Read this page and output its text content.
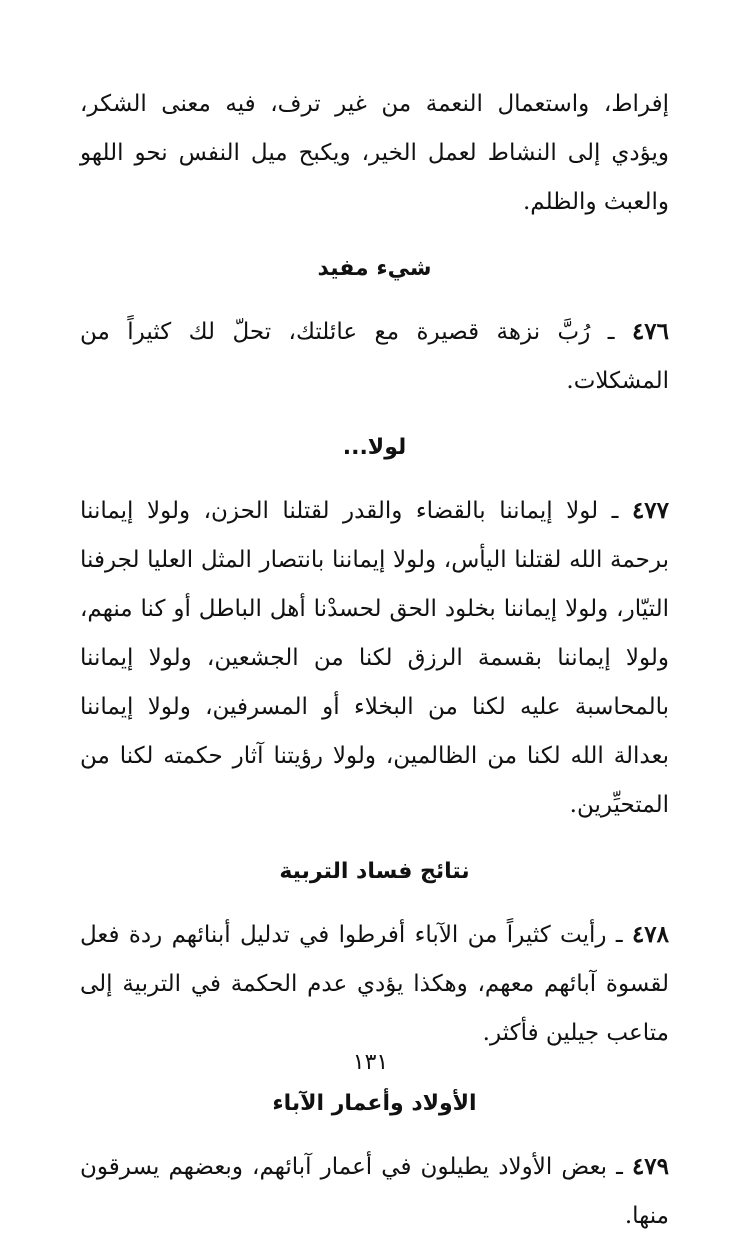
إفراط، واستعمال النعمة من غير ترف، فيه معنى الشكر، ويؤدي إلى النشاط لعمل الخير، ويكبح ميل النفس نحو اللهو والعبث والظلم.

شيء مفيد

٤٧٦ ـ رُبَّ نزهة قصيرة مع عائلتك، تحلّ لك كثيراً من المشكلات.

لولا...

٤٧٧ ـ لولا إيماننا بالقضاء والقدر لقتلنا الحزن، ولولا إيماننا برحمة الله لقتلنا اليأس، ولولا إيماننا بانتصار المثل العليا لجرفنا التيّار، ولولا إيماننا بخلود الحق لحسدْنا أهل الباطل أو كنا منهم، ولولا إيماننا بقسمة الرزق لكنا من الجشعين، ولولا إيماننا بالمحاسبة عليه لكنا من البخلاء أو المسرفين، ولولا إيماننا بعدالة الله لكنا من الظالمين، ولولا رؤيتنا آثار حكمته لكنا من المتحيِّرين.

نتائج فساد التربية

٤٧٨ ـ رأيت كثيراً من الآباء أفرطوا في تدليل أبنائهم ردة فعل لقسوة آبائهم معهم، وهكذا يؤدي عدم الحكمة في التربية إلى متاعب جيلين فأكثر.

الأولاد وأعمار الآباء

٤٧٩ ـ بعض الأولاد يطيلون في أعمار آبائهم، وبعضهم يسرقون منها.

١٣١
